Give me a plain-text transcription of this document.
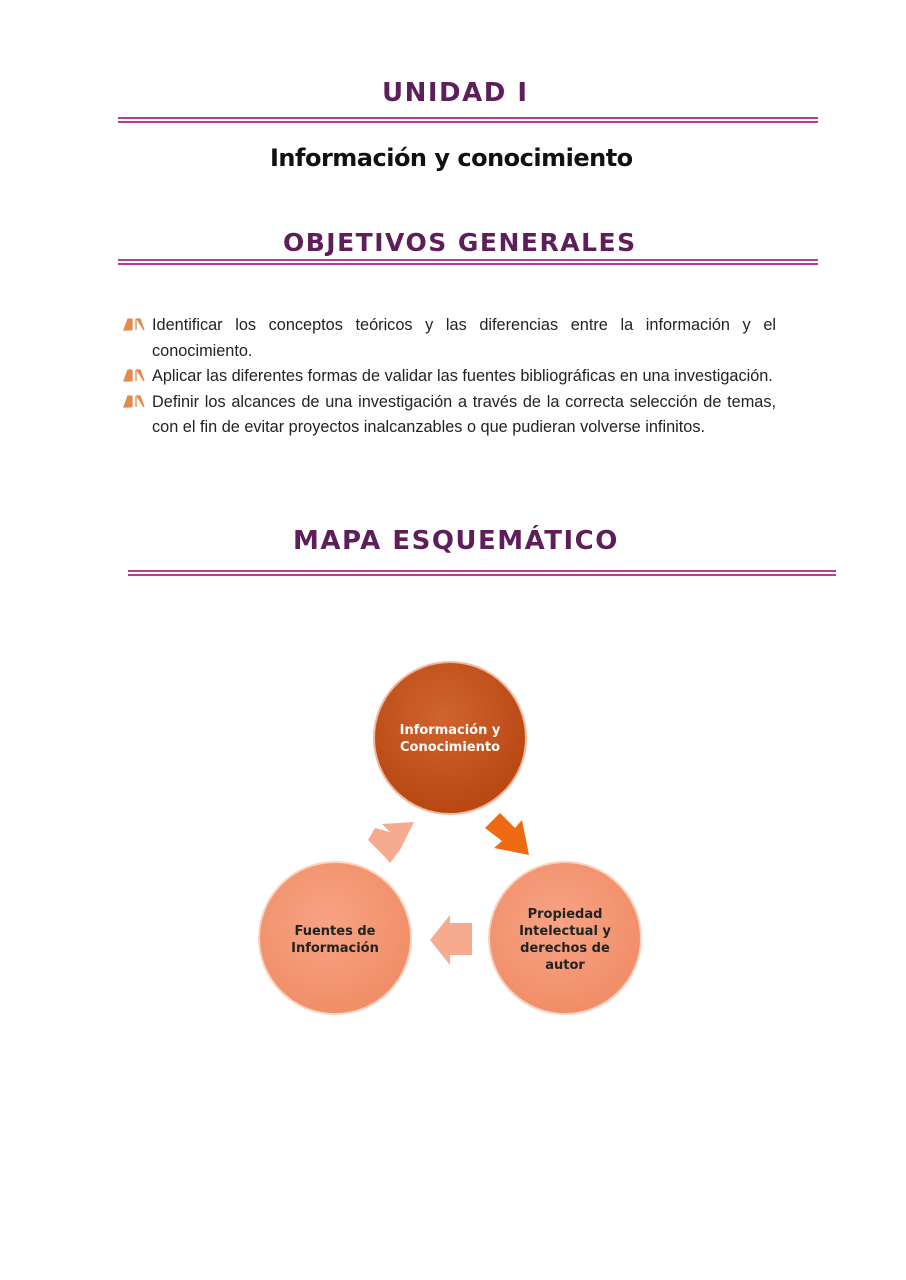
UNIDAD I
Información y conocimiento
OBJETIVOS GENERALES
Identificar los conceptos teóricos y las diferencias entre la información y el conocimiento.
Aplicar las diferentes formas de validar las fuentes bibliográficas en una investigación.
Definir los alcances de una investigación a través de la correcta selección de temas, con el fin de evitar proyectos inalcanzables o que pudieran volverse infinitos.
MAPA ESQUEMÁTICO
Información y
Conocimiento
Propiedad
Intelectual y
derechos de
autor
Fuentes de
Información
